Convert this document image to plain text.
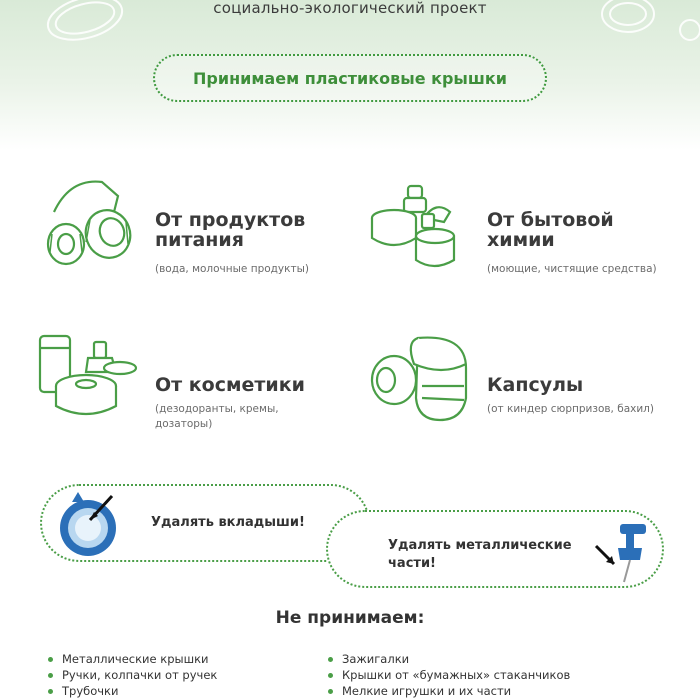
социально-экологический проект
Принимаем пластиковые крышки
От продуктов
питания
(вода, молочные продукты)
От бытовой
химии
(моющие, чистящие средства)
От косметики
(дезодоранты, кремы,
дозаторы)
Капсулы
(от киндер сюрпризов, бахил)
Удалять вкладыши!
Удалять металлические
части!
Не принимаем:
Металлические крышки
Ручки, колпачки от ручек
Трубочки
Зажигалки
Крышки от «бумажных» стаканчиков
Мелкие игрушки и их части
